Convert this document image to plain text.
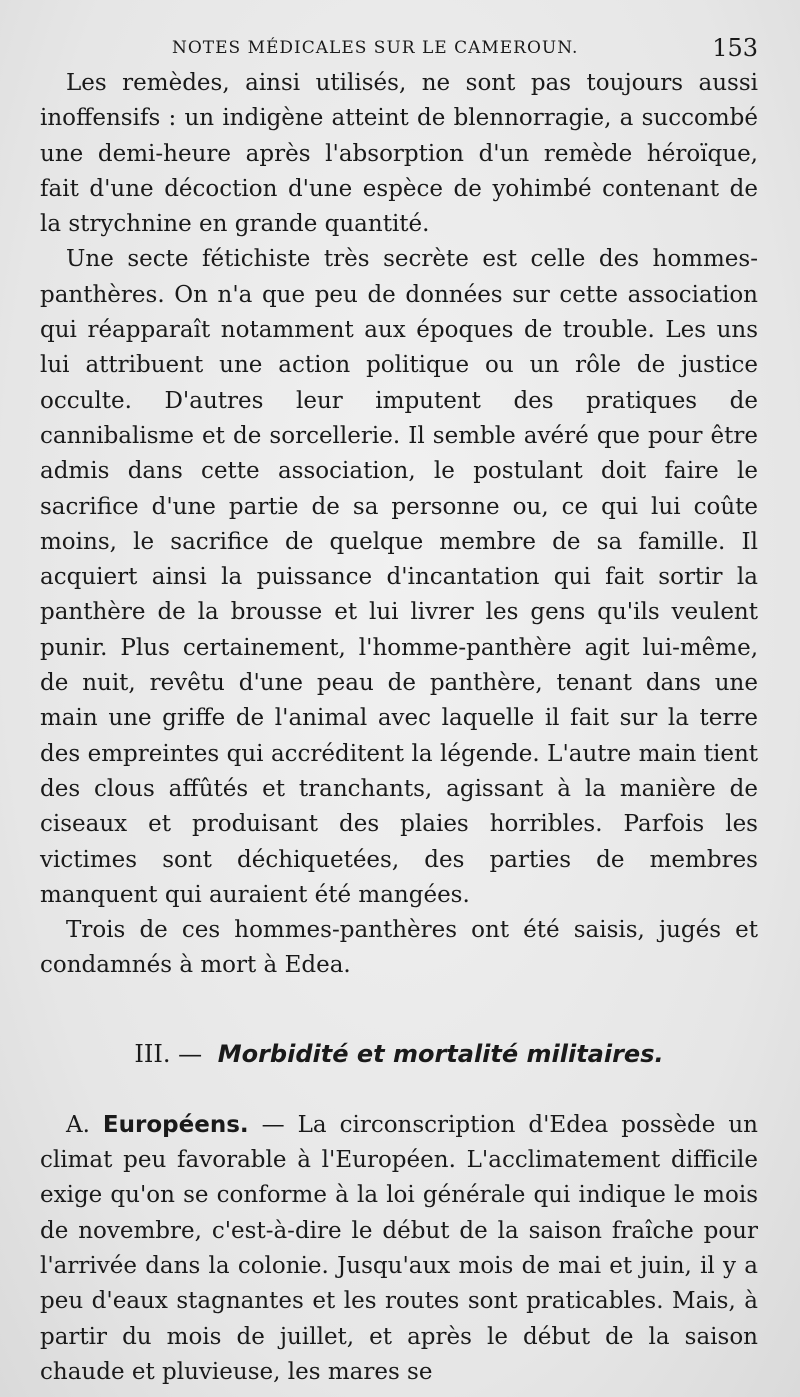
NOTES MÉDICALES SUR LE CAMEROUN.	153

Les remèdes, ainsi utilisés, ne sont pas toujours aussi inoffensifs : un indigène atteint de blennorragie, a succombé une demi-heure après l'absorption d'un remède héroïque, fait d'une décoction d'une espèce de yohimbé contenant de la strychnine en grande quantité.

Une secte fétichiste très secrète est celle des hommes-panthères. On n'a que peu de données sur cette association qui réapparaît notamment aux époques de trouble. Les uns lui attribuent une action politique ou un rôle de justice occulte. D'autres leur imputent des pratiques de cannibalisme et de sorcellerie. Il semble avéré que pour être admis dans cette association, le postulant doit faire le sacrifice d'une partie de sa personne ou, ce qui lui coûte moins, le sacrifice de quelque membre de sa famille. Il acquiert ainsi la puissance d'incantation qui fait sortir la panthère de la brousse et lui livrer les gens qu'ils veulent punir. Plus certainement, l'homme-panthère agit lui-même, de nuit, revêtu d'une peau de panthère, tenant dans une main une griffe de l'animal avec laquelle il fait sur la terre des empreintes qui accréditent la légende. L'autre main tient des clous affûtés et tranchants, agissant à la manière de ciseaux et produisant des plaies horribles. Parfois les victimes sont déchiquetées, des parties de membres manquent qui auraient été mangées.

Trois de ces hommes-panthères ont été saisis, jugés et condamnés à mort à Edea.

III. — Morbidité et mortalité militaires.

A. Européens. — La circonscription d'Edea possède un climat peu favorable à l'Européen. L'acclimatement difficile exige qu'on se conforme à la loi générale qui indique le mois de novembre, c'est-à-dire le début de la saison fraîche pour l'arrivée dans la colonie. Jusqu'aux mois de mai et juin, il y a peu d'eaux stagnantes et les routes sont praticables. Mais, à partir du mois de juillet, et après le début de la saison chaude et pluvieuse, les mares se
